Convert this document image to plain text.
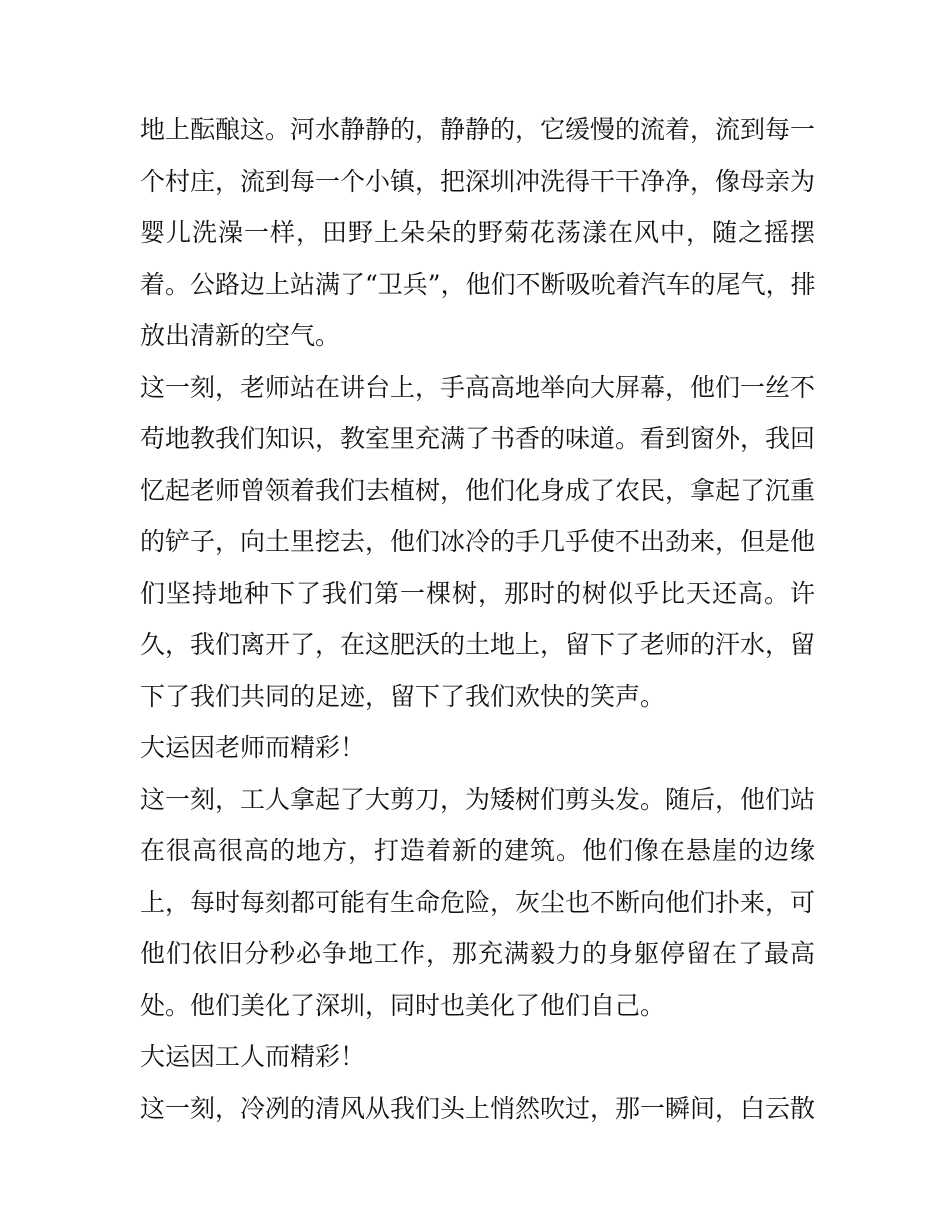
地上酝酿这。河水静静的，静静的，它缓慢的流着，流到每一
个村庄，流到每一个小镇，把深圳冲洗得干干净净，像母亲为
婴儿洗澡一样，田野上朵朵的野菊花荡漾在风中，随之摇摆
着。公路边上站满了“卫兵”，他们不断吸吮着汽车的尾气，排
放出清新的空气。
这一刻，老师站在讲台上，手高高地举向大屏幕，他们一丝不
苟地教我们知识，教室里充满了书香的味道。看到窗外，我回
忆起老师曾领着我们去植树，他们化身成了农民，拿起了沉重
的铲子，向土里挖去，他们冰冷的手几乎使不出劲来，但是他
们坚持地种下了我们第一棵树，那时的树似乎比天还高。许
久，我们离开了，在这肥沃的土地上，留下了老师的汗水，留
下了我们共同的足迹，留下了我们欢快的笑声。
大运因老师而精彩！
这一刻，工人拿起了大剪刀，为矮树们剪头发。随后，他们站
在很高很高的地方，打造着新的建筑。他们像在悬崖的边缘
上，每时每刻都可能有生命危险，灰尘也不断向他们扑来，可
他们依旧分秒必争地工作，那充满毅力的身躯停留在了最高
处。他们美化了深圳，同时也美化了他们自己。
大运因工人而精彩！
这一刻，冷冽的清风从我们头上悄然吹过，那一瞬间，白云散
